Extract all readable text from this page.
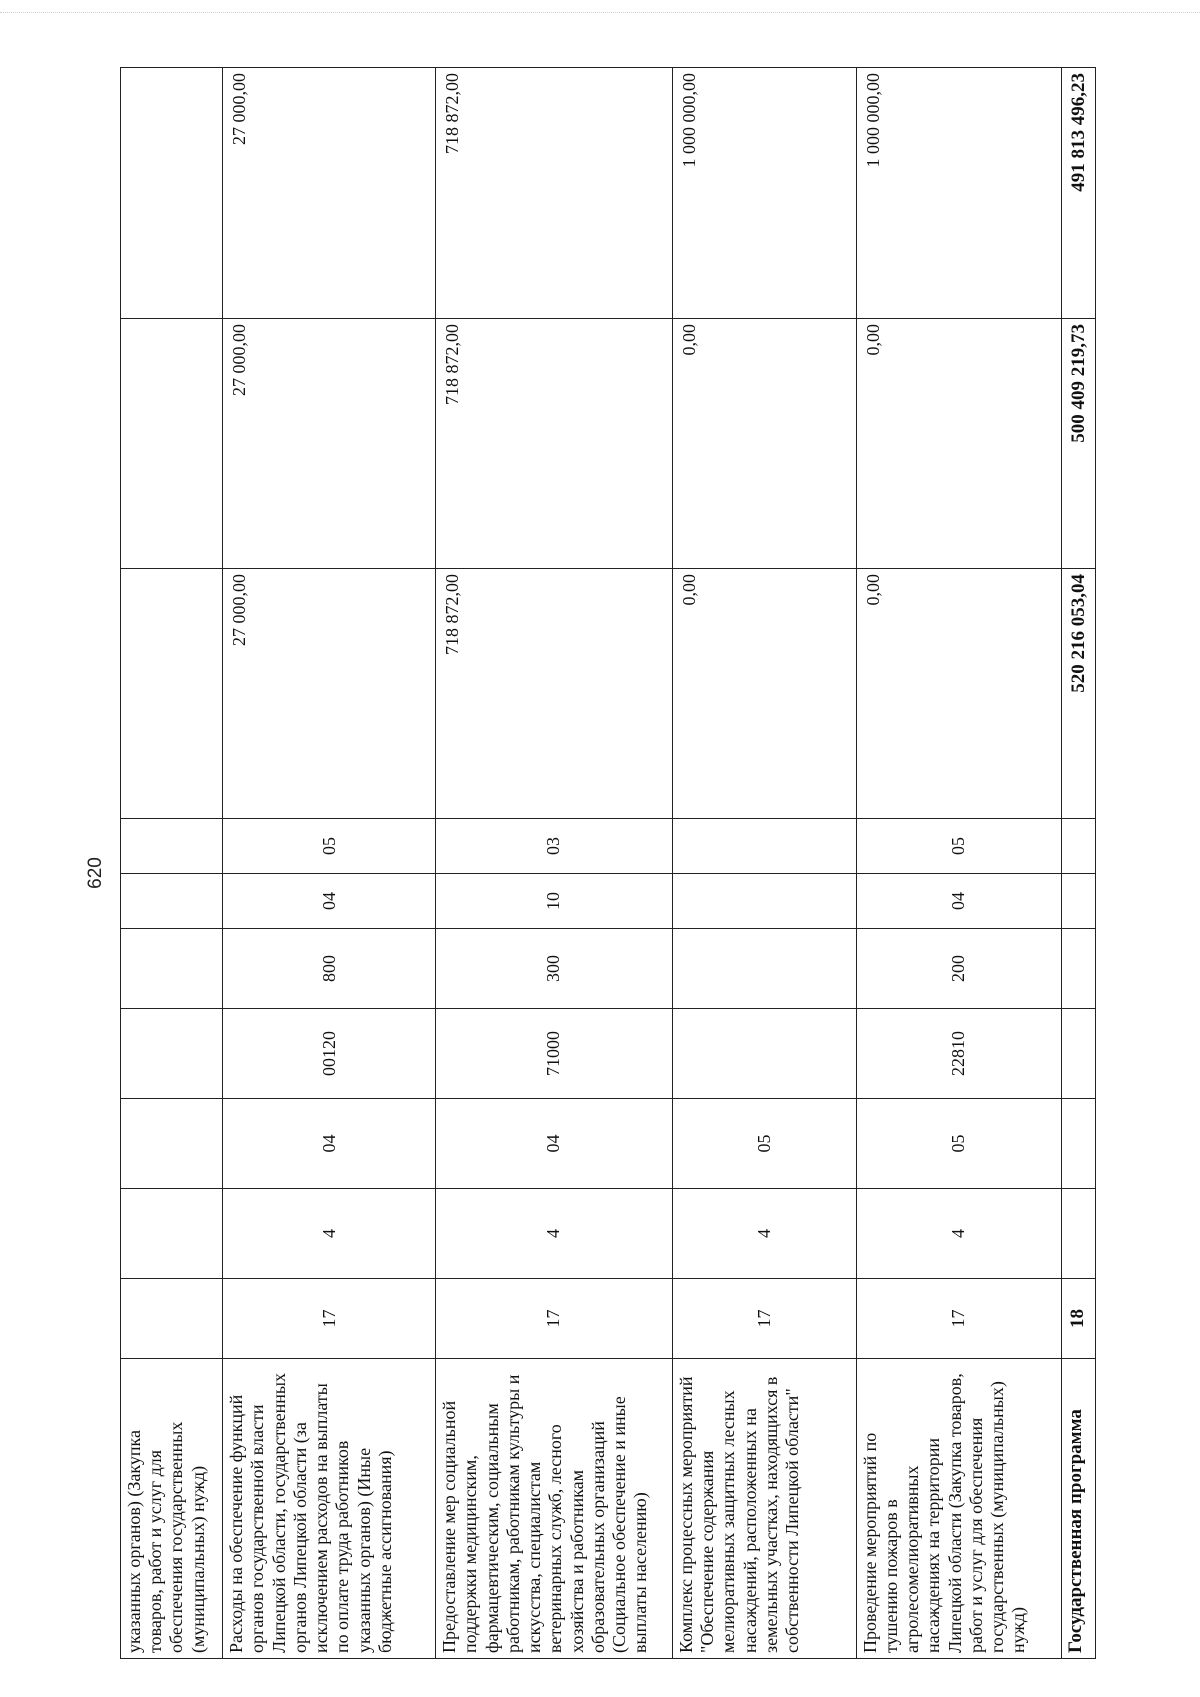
620
указанных органов) (Закупка товаров, работ и услуг для обеспечения государственных (муниципальных) нужд)										
Расходы на обеспечение функций органов государственной власти Липецкой области, государственных органов Липецкой области (за исключением расходов на выплаты по оплате труда работников указанных органов) (Иные бюджетные ассигнования)	17	4	04	00120	800	04	05	27 000,00	27 000,00	27 000,00
Предоставление мер социальной поддержки медицинским, фармацевтическим, социальным работникам, работникам культуры и искусства, специалистам ветеринарных служб, лесного хозяйства и работникам образовательных организаций (Социальное обеспечение и иные выплаты населению)	17	4	04	71000	300	10	03	718 872,00	718 872,00	718 872,00
Комплекс процессных мероприятий "Обеспечение содержания мелиоративных защитных лесных насаждений, расположенных на земельных участках, находящихся в собственности Липецкой области"	17	4	05					0,00	0,00	1 000 000,00
Проведение мероприятий по тушению пожаров в агролесомелиоративных насаждениях на территории Липецкой области (Закупка товаров, работ и услуг для обеспечения государственных (муниципальных) нужд)	17	4	05	22810	200	04	05	0,00	0,00	1 000 000,00
Государственная программа	18							520 216 053,04	500 409 219,73	491 813 496,23
